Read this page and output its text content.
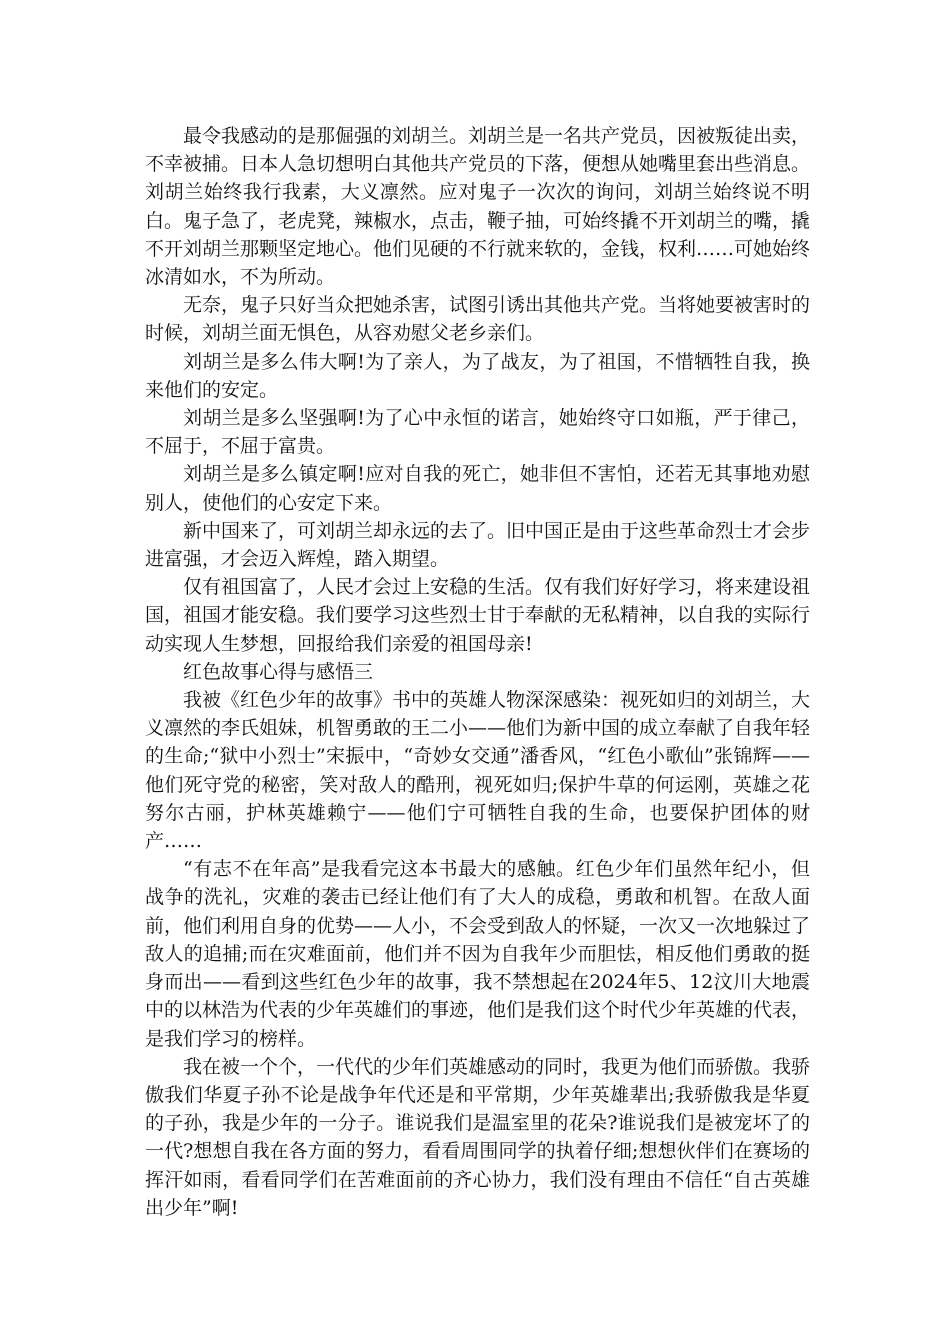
最令我感动的是那倔强的刘胡兰。刘胡兰是一名共产党员，因被叛徒出卖，不幸被捕。日本人急切想明白其他共产党员的下落，便想从她嘴里套出些消息。刘胡兰始终我行我素，大义凛然。应对鬼子一次次的询问，刘胡兰始终说不明白。鬼子急了，老虎凳，辣椒水，点击，鞭子抽，可始终撬不开刘胡兰的嘴，撬不开刘胡兰那颗坚定地心。他们见硬的不行就来软的，金钱，权利……可她始终冰清如水，不为所动。

无奈，鬼子只好当众把她杀害，试图引诱出其他共产党。当将她要被害时的时候，刘胡兰面无惧色，从容劝慰父老乡亲们。

刘胡兰是多么伟大啊!为了亲人，为了战友，为了祖国，不惜牺牲自我，换来他们的安定。

刘胡兰是多么坚强啊!为了心中永恒的诺言，她始终守口如瓶，严于律己，不屈于，不屈于富贵。

刘胡兰是多么镇定啊!应对自我的死亡，她非但不害怕，还若无其事地劝慰别人，使他们的心安定下来。

新中国来了，可刘胡兰却永远的去了。旧中国正是由于这些革命烈士才会步进富强，才会迈入辉煌，踏入期望。

仅有祖国富了，人民才会过上安稳的生活。仅有我们好好学习，将来建设祖国，祖国才能安稳。我们要学习这些烈士甘于奉献的无私精神，以自我的实际行动实现人生梦想，回报给我们亲爱的祖国母亲!

红色故事心得与感悟三

我被《红色少年的故事》书中的英雄人物深深感染：视死如归的刘胡兰，大义凛然的李氏姐妹，机智勇敢的王二小——他们为新中国的成立奉献了自我年轻的生命;“狱中小烈士”宋振中，“奇妙女交通”潘香风，“红色小歌仙”张锦辉——他们死守党的秘密，笑对敌人的酷刑，视死如归;保护牛草的何运刚，英雄之花努尔古丽，护林英雄赖宁——他们宁可牺牲自我的生命，也要保护团体的财产……

“有志不在年高”是我看完这本书最大的感触。红色少年们虽然年纪小，但战争的洗礼，灾难的袭击已经让他们有了大人的成稳，勇敢和机智。在敌人面前，他们利用自身的优势——人小，不会受到敌人的怀疑，一次又一次地躲过了敌人的追捕;而在灾难面前，他们并不因为自我年少而胆怯，相反他们勇敢的挺身而出——看到这些红色少年的故事，我不禁想起在2024年5、12汶川大地震中的以林浩为代表的少年英雄们的事迹，他们是我们这个时代少年英雄的代表，是我们学习的榜样。

我在被一个个，一代代的少年们英雄感动的同时，我更为他们而骄傲。我骄傲我们华夏子孙不论是战争年代还是和平常期，少年英雄辈出;我骄傲我是华夏的子孙，我是少年的一分子。谁说我们是温室里的花朵?谁说我们是被宠坏了的一代?想想自我在各方面的努力，看看周围同学的执着仔细;想想伙伴们在赛场的挥汗如雨，看看同学们在苦难面前的齐心协力，我们没有理由不信任“自古英雄出少年”啊!
